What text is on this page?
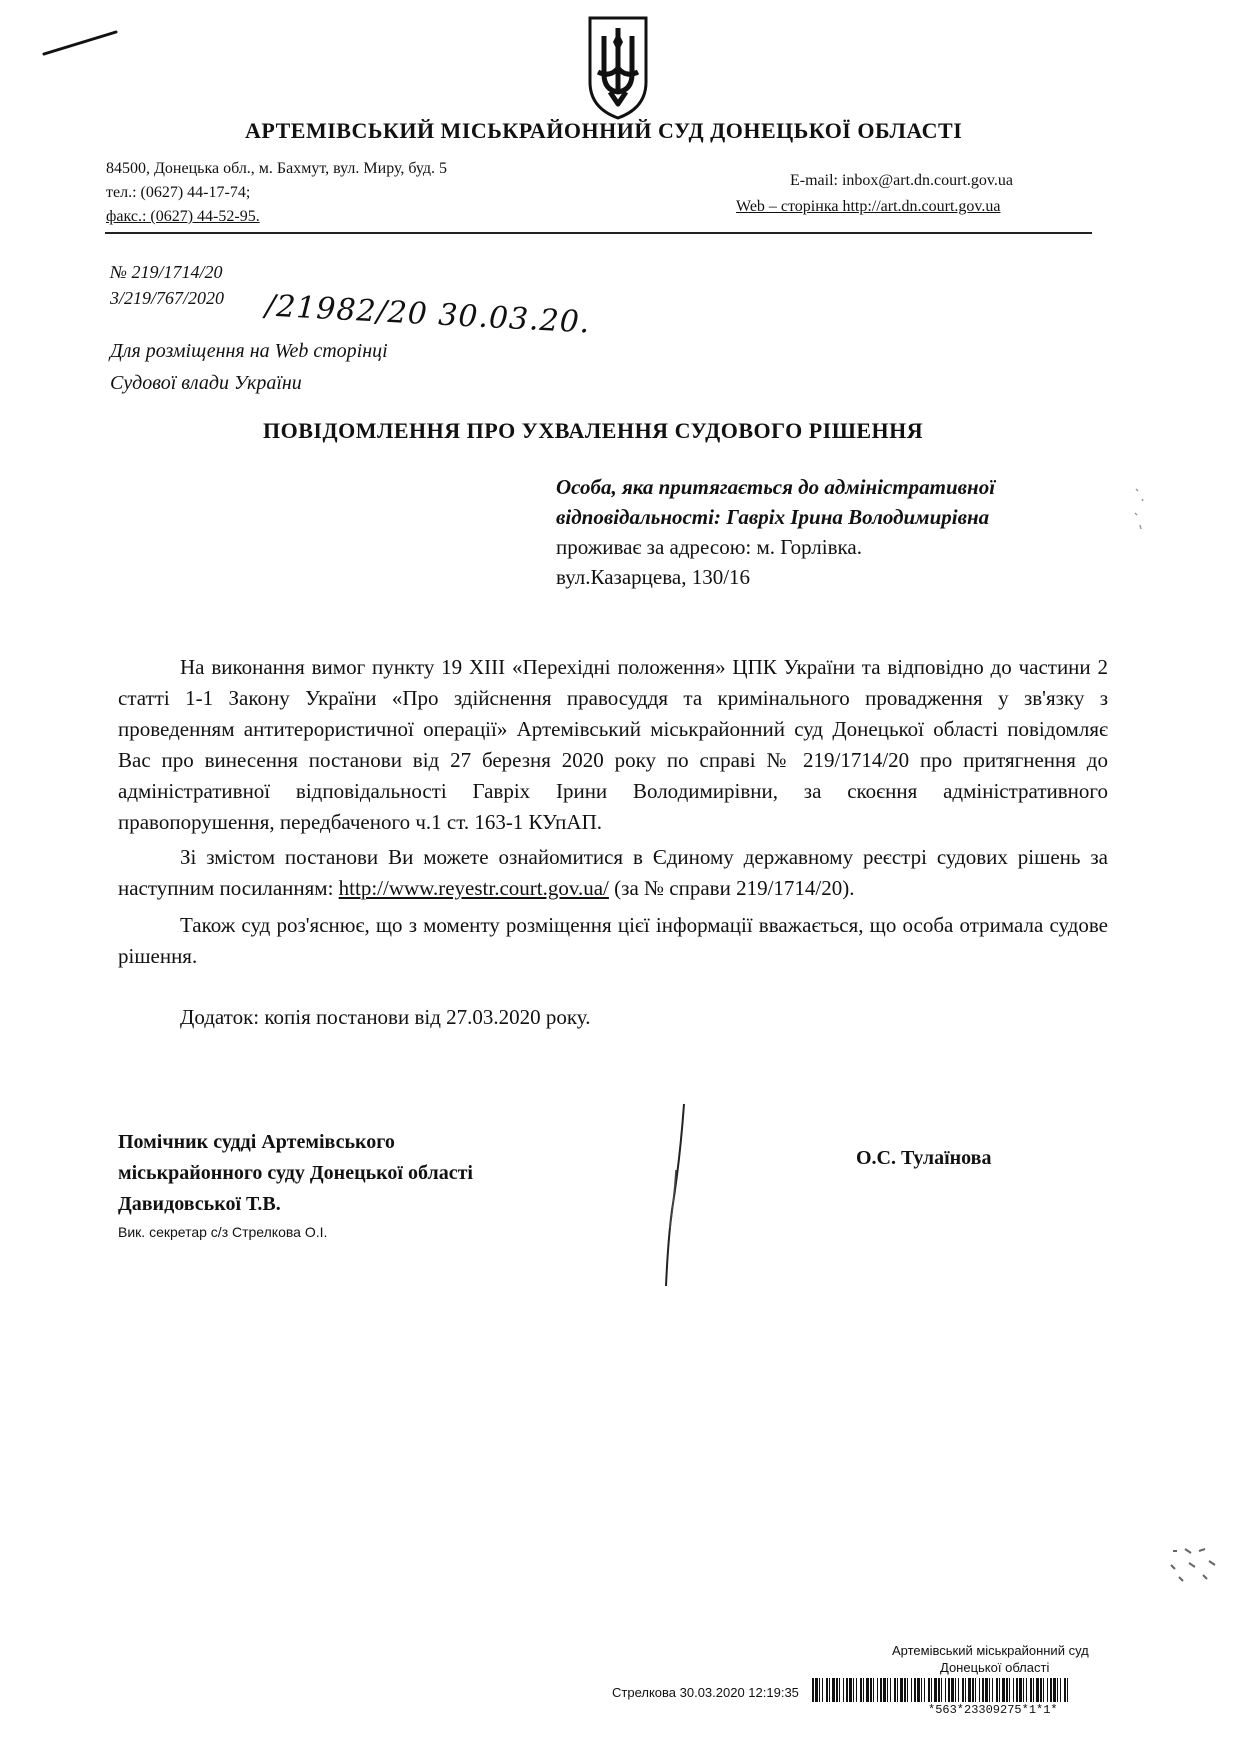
АРТЕМІВСЬКИЙ МІСЬКРАЙОННИЙ СУД ДОНЕЦЬКОЇ ОБЛАСТІ
84500, Донецька обл., м. Бахмут, вул. Миру, буд. 5
тел.: (0627) 44-17-74;
факс.: (0627) 44-52-95.
E-mail: inbox@art.dn.court.gov.ua
Web – сторінка http://art.dn.court.gov.ua
№ 219/1714/20
3/219/767/2020 /21982/20 30.03.20.
Для розміщення на Web сторінці
Судової влади України
ПОВІДОМЛЕННЯ ПРО УХВАЛЕННЯ СУДОВОГО РІШЕННЯ
Особа, яка притягається до адміністративної
відповідальності: Гавріх Ірина Володимирівна
проживає за адресою: м. Горлівка.
вул.Казарцева, 130/16

На виконання вимог пункту 19 XIII «Перехідні положення» ЦПК України та відповідно до частини 2 статті 1-1 Закону України «Про здійснення правосуддя та кримінального провадження у зв'язку з проведенням антитерористичної операції» Артемівський міськрайонний суд Донецької області повідомляє Вас про винесення постанови від 27 березня 2020 року по справі № 219/1714/20 про притягнення до адміністративної відповідальності Гавріх Ірини Володимирівни, за скоєння адміністративного правопорушення, передбаченого ч.1 ст. 163-1 КУпАП.

Зі змістом постанови Ви можете ознайомитися в Єдиному державному реєстрі судових рішень за наступним посиланням: http://www.reyestr.court.gov.ua/ (за № справи 219/1714/20).

Також суд роз'яснює, що з моменту розміщення цієї інформації вважається, що особа отримала судове рішення.

Додаток: копія постанови від 27.03.2020 року.

Помічник судді Артемівського
міськрайонного суду Донецької області
Давидовської Т.В.
О.С. Тулаїнова
Вик. секретар с/з Стрелкова О.І.
Артемівський міськрайонний суд
Донецької області
Стрелкова 30.03.2020 12:19:35
*563*23309275*1*1*
